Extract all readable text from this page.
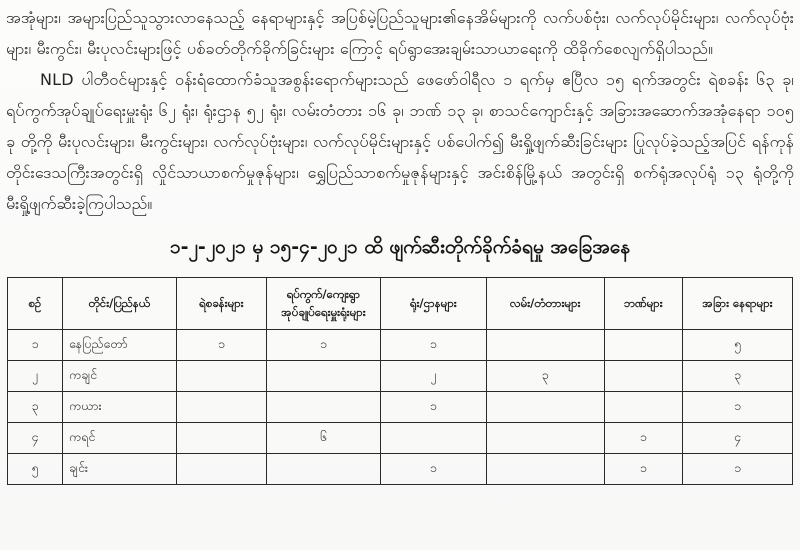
အအုံများ၊ အများပြည်သူသွားလာနေသည့် နေရာများနှင့် အပြစ်မဲ့ပြည်သူများ၏နေအိမ်များကို လက်ပစ်ဗုံး၊ လက်လုပ်မိုင်းများ၊ လက်လုပ်ဗုံးများ၊ မီးကွင်း၊ မီးပုလင်းများဖြင့် ပစ်ခတ်တိုက်ခိုက်ခြင်းများ ကြောင့် ရပ်ရွာအေးချမ်းသာယာရေးကို ထိခိုက်စေလျက်ရှိပါသည်။

NLD ပါတီဝင်များနှင့် ဝန်းရံထောက်ခံသူအစွန်းရောက်များသည် ဖေဖော်ဝါရီလ ၁ ရက်မှ ဧပြီလ ၁၅ ရက်အတွင်း ရဲစခန်း ၆၃ ခု၊ ရပ်ကွက်အုပ်ချုပ်ရေးမှူးရုံး ၆၂ ရုံး၊ ရုံးဌာန ၅၂ ရုံး၊ လမ်းတံတား ၁၆ ခု၊ ဘဏ် ၁၃ ခု၊ စာသင်ကျောင်းနှင့် အခြားအဆောက်အအုံနေရာ ၁၀၅ ခု တို့ကို မီးပုလင်းများ၊ မီးကွင်းများ၊ လက်လုပ်ဗုံးများ၊ လက်လုပ်မိုင်းများနှင့် ပစ်ပေါက်၍ မီးရှို့ဖျက်ဆီးခြင်းများ ပြုလုပ်ခဲ့သည့်အပြင် ရန်ကုန် တိုင်းဒေသကြီးအတွင်းရှိ လှိုင်သာယာစက်မှုဇုန်များ၊ ရွှေပြည်သာစက်မှုဇုန်များနှင့် အင်းစိန်မြို့နယ် အတွင်းရှိ စက်ရုံအလုပ်ရုံ ၁၃ ရုံတို့ကို မီးရှို့ဖျက်ဆီးခဲ့ကြပါသည်။

၁-၂-၂၀၂၁ မှ ၁၅-၄-၂၀၂၁ ထိ ဖျက်ဆီးတိုက်ခိုက်ခံရမှု အခြေအနေ
စဉ်	တိုင်း/ပြည်နယ်	ရဲစခန်းများ	ရပ်ကွက်/ကျေးရွာ အုပ်ချုပ်ရေးမှူးရုံးများ	ရုံး/ဌာနများ	လမ်း/တံတားများ	ဘဏ်များ	အခြား နေရာများ
၁	နေပြည်တော်	၁	၁	၁			၅
၂	ကချင်			၂	၃		၃
၃	ကယား			၁			၁
၄	ကရင်		၆			၁	၄
၅	ချင်း			၁		၁	၁
